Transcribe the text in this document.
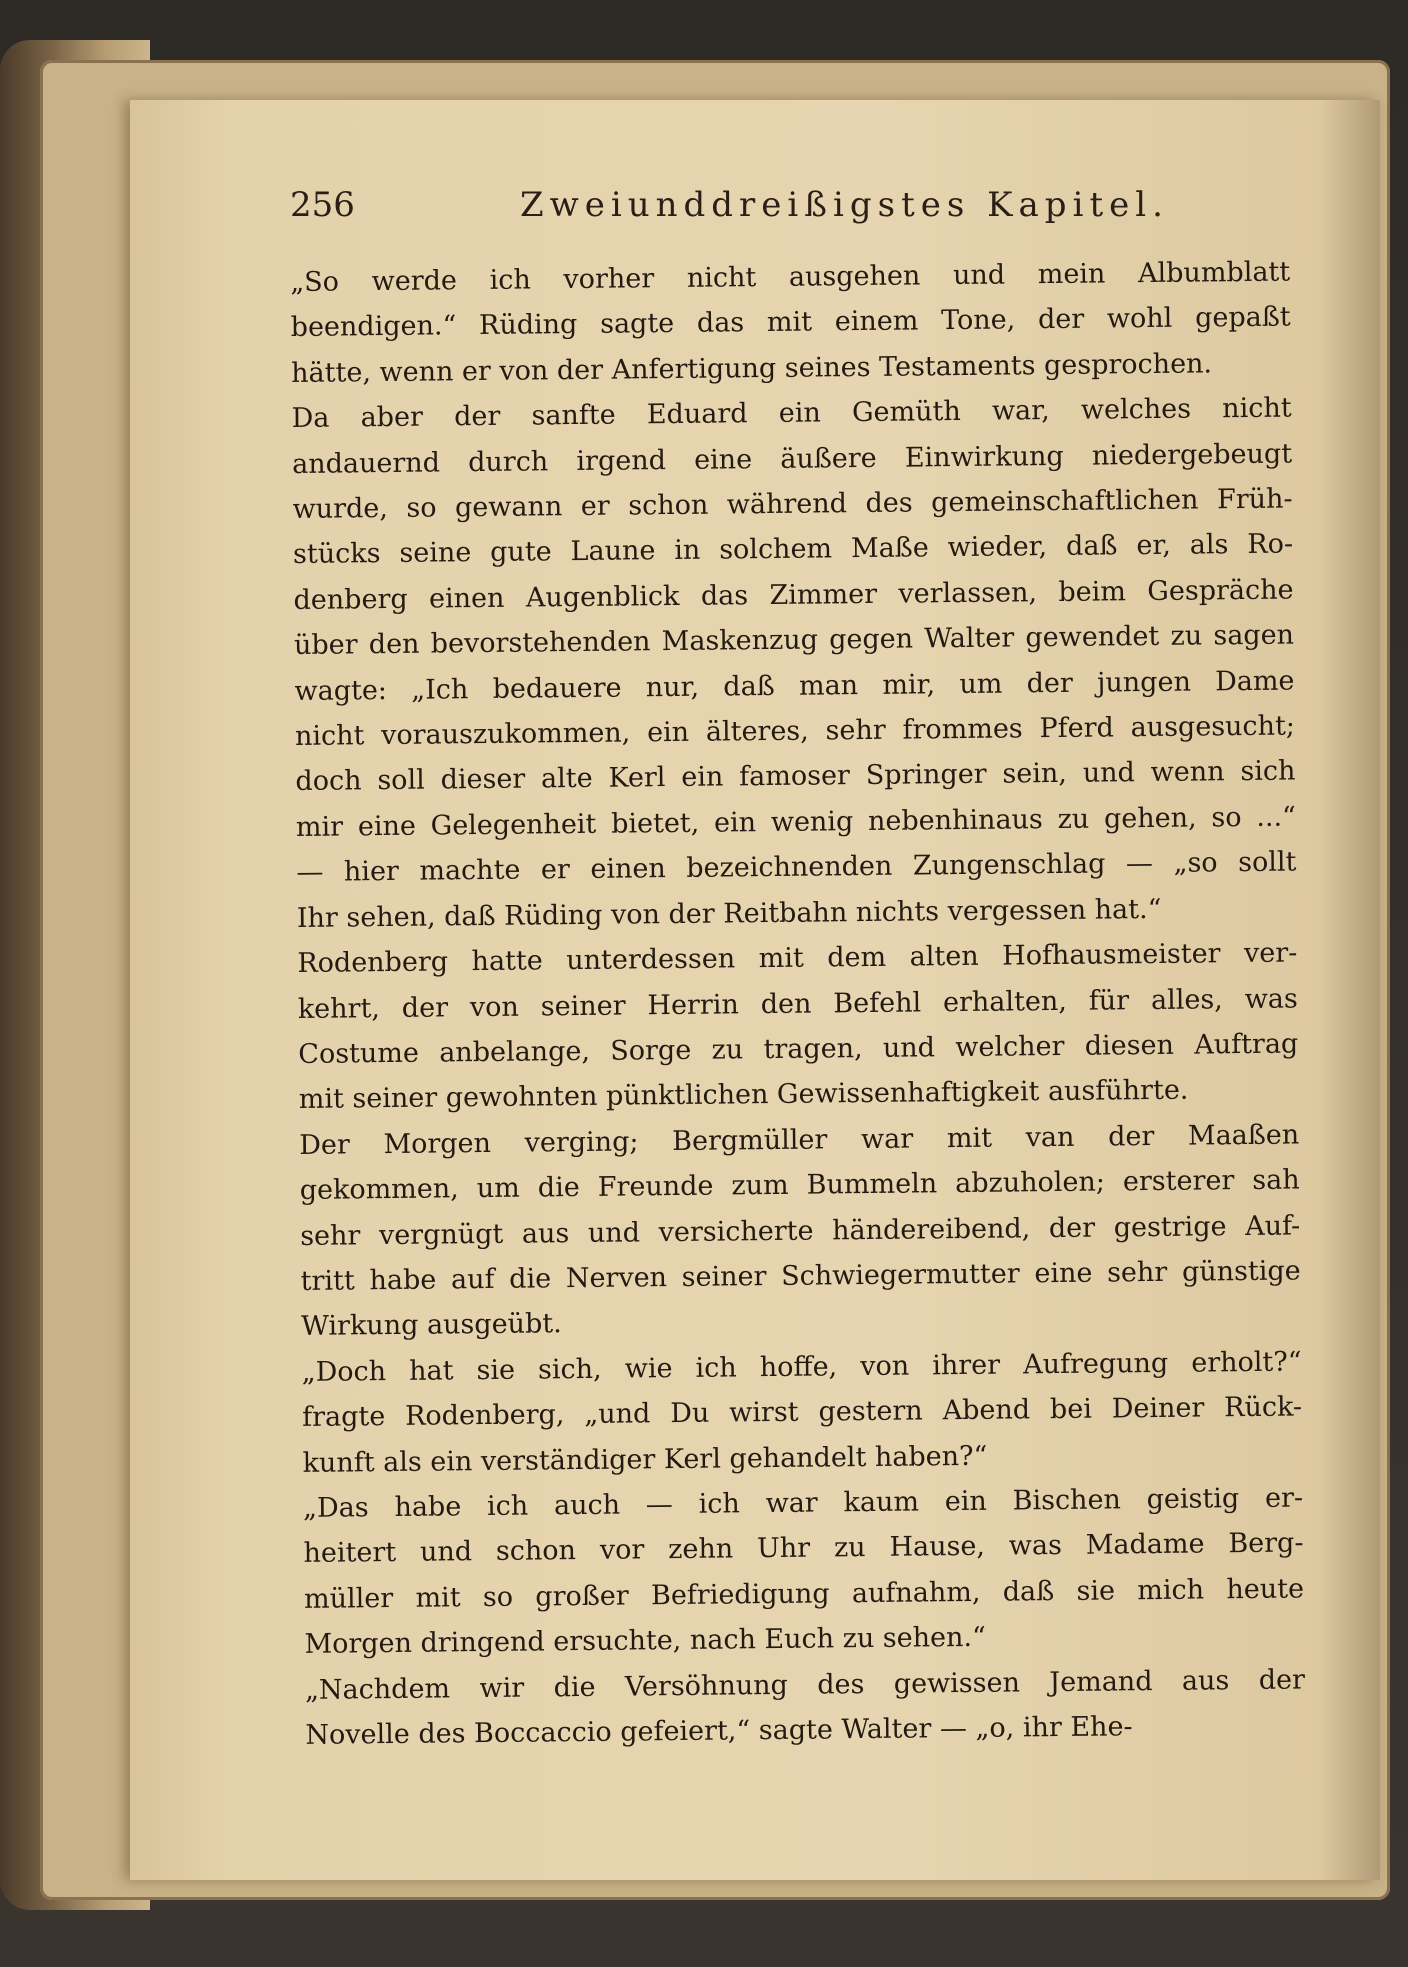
256	Zweiunddreißigstes Kapitel.

„So werde ich vorher nicht ausgehen und mein Albumblatt
beendigen.“ Rüding sagte das mit einem Tone, der wohl gepaßt
hätte, wenn er von der Anfertigung seines Testaments gesprochen.

Da aber der sanfte Eduard ein Gemüth war, welches nicht
andauernd durch irgend eine äußere Einwirkung niedergebeugt
wurde, so gewann er schon während des gemeinschaftlichen Früh-
stücks seine gute Laune in solchem Maße wieder, daß er, als Ro-
denberg einen Augenblick das Zimmer verlassen, beim Gespräche
über den bevorstehenden Maskenzug gegen Walter gewendet zu sagen
wagte: „Ich bedauere nur, daß man mir, um der jungen Dame
nicht vorauszukommen, ein älteres, sehr frommes Pferd ausgesucht;
doch soll dieser alte Kerl ein famoser Springer sein, und wenn sich
mir eine Gelegenheit bietet, ein wenig nebenhinaus zu gehen, so ...“
— hier machte er einen bezeichnenden Zungenschlag — „so sollt
Ihr sehen, daß Rüding von der Reitbahn nichts vergessen hat.“

Rodenberg hatte unterdessen mit dem alten Hofhausmeister ver-
kehrt, der von seiner Herrin den Befehl erhalten, für alles, was
Costume anbelange, Sorge zu tragen, und welcher diesen Auftrag
mit seiner gewohnten pünktlichen Gewissenhaftigkeit ausführte.

Der Morgen verging; Bergmüller war mit van der Maaßen
gekommen, um die Freunde zum Bummeln abzuholen; ersterer sah
sehr vergnügt aus und versicherte händereibend, der gestrige Auf-
tritt habe auf die Nerven seiner Schwiegermutter eine sehr günstige
Wirkung ausgeübt.

„Doch hat sie sich, wie ich hoffe, von ihrer Aufregung erholt?“
fragte Rodenberg, „und Du wirst gestern Abend bei Deiner Rück-
kunft als ein verständiger Kerl gehandelt haben?“

„Das habe ich auch — ich war kaum ein Bischen geistig er-
heitert und schon vor zehn Uhr zu Hause, was Madame Berg-
müller mit so großer Befriedigung aufnahm, daß sie mich heute
Morgen dringend ersuchte, nach Euch zu sehen.“

„Nachdem wir die Versöhnung des gewissen Jemand aus der
Novelle des Boccaccio gefeiert,“ sagte Walter — „o, ihr Ehe-
